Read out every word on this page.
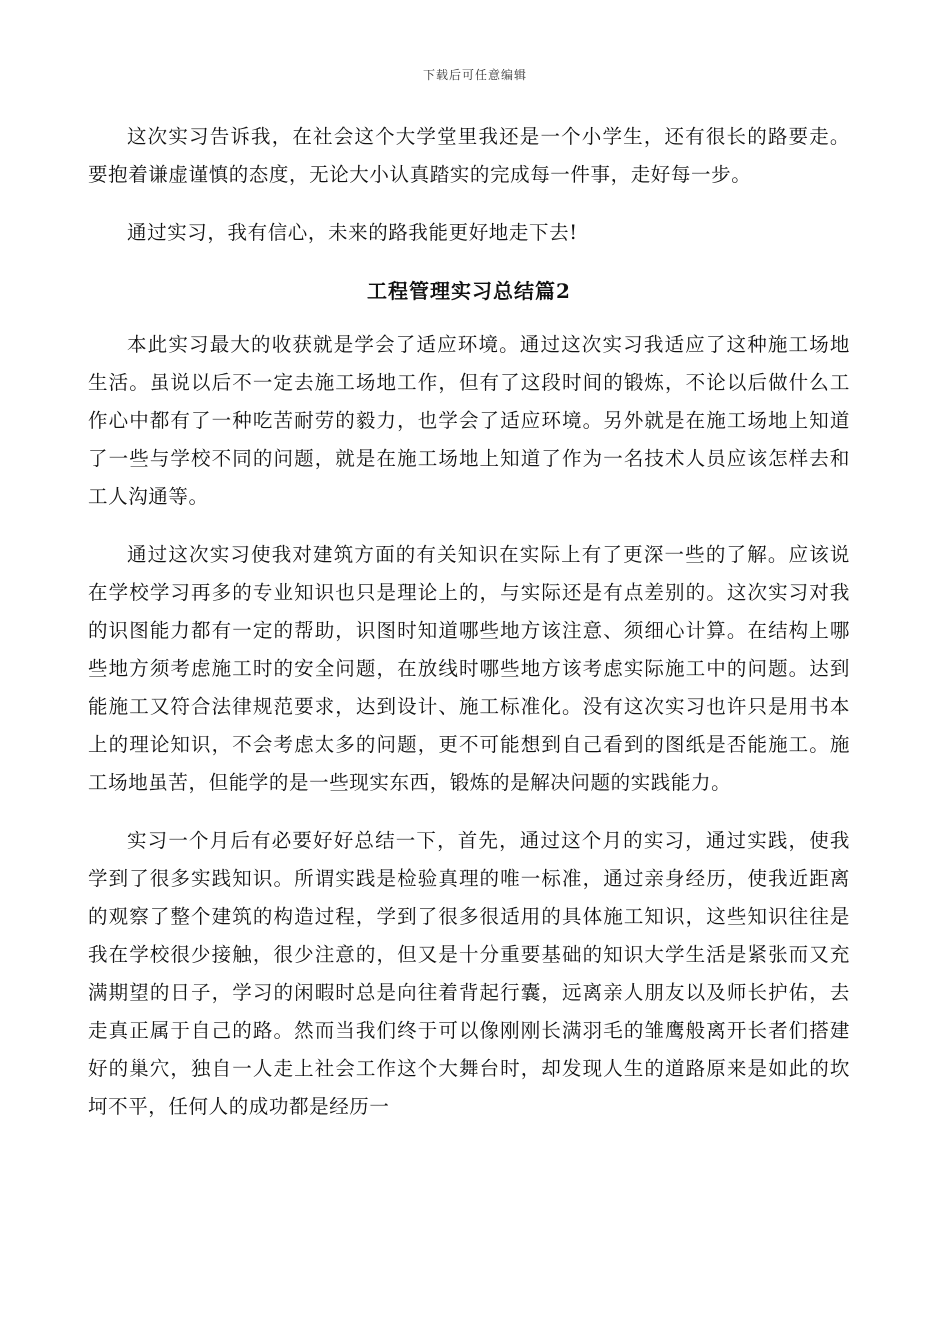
下载后可任意编辑

这次实习告诉我，在社会这个大学堂里我还是一个小学生，还有很长的路要走。要抱着谦虚谨慎的态度，无论大小认真踏实的完成每一件事，走好每一步。

通过实习，我有信心，未来的路我能更好地走下去!

工程管理实习总结篇2

本此实习最大的收获就是学会了适应环境。通过这次实习我适应了这种施工场地生活。虽说以后不一定去施工场地工作，但有了这段时间的锻炼，不论以后做什么工作心中都有了一种吃苦耐劳的毅力，也学会了适应环境。另外就是在施工场地上知道了一些与学校不同的问题，就是在施工场地上知道了作为一名技术人员应该怎样去和工人沟通等。

通过这次实习使我对建筑方面的有关知识在实际上有了更深一些的了解。应该说在学校学习再多的专业知识也只是理论上的，与实际还是有点差别的。这次实习对我的识图能力都有一定的帮助，识图时知道哪些地方该注意、须细心计算。在结构上哪些地方须考虑施工时的安全问题，在放线时哪些地方该考虑实际施工中的问题。达到能施工又符合法律规范要求，达到设计、施工标准化。没有这次实习也许只是用书本上的理论知识，不会考虑太多的问题，更不可能想到自己看到的图纸是否能施工。施工场地虽苦，但能学的是一些现实东西，锻炼的是解决问题的实践能力。

实习一个月后有必要好好总结一下，首先，通过这个月的实习，通过实践，使我学到了很多实践知识。所谓实践是检验真理的唯一标准，通过亲身经历，使我近距离的观察了整个建筑的构造过程，学到了很多很适用的具体施工知识，这些知识往往是我在学校很少接触，很少注意的，但又是十分重要基础的知识大学生活是紧张而又充满期望的日子，学习的闲暇时总是向往着背起行囊，远离亲人朋友以及师长护佑，去走真正属于自己的路。然而当我们终于可以像刚刚长满羽毛的雏鹰般离开长者们搭建好的巢穴，独自一人走上社会工作这个大舞台时，却发现人生的道路原来是如此的坎坷不平，任何人的成功都是经历一
